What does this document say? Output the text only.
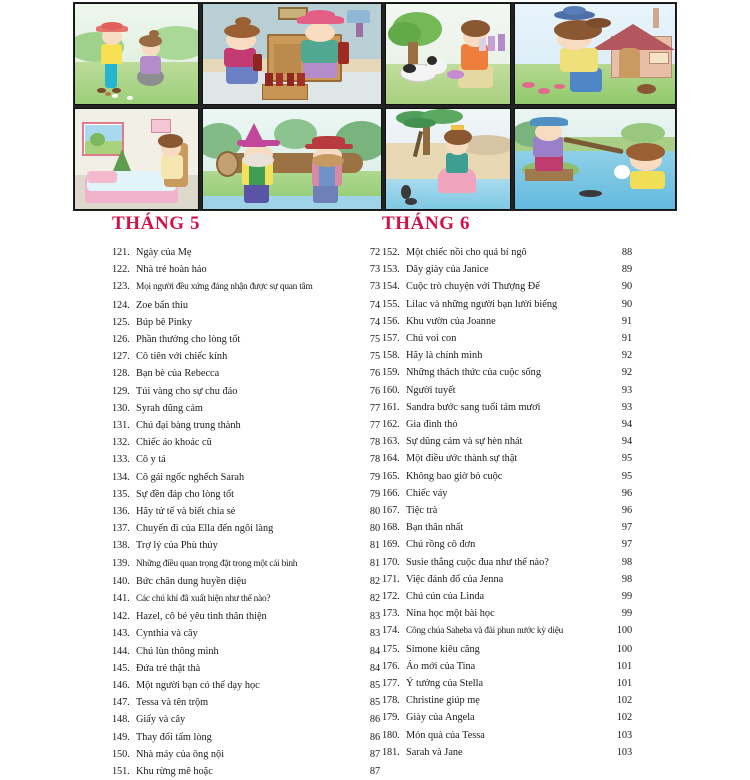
THÁNG 5
121. Ngày của Mẹ	72
122. Nhà trẻ hoàn hảo	73
123. Mọi người đều xứng đáng nhận được sự quan tâm	73
124. Zoe bẩn thỉu	74
125. Búp bê Pinky	74
126. Phần thưởng cho lòng tốt	75
127. Cô tiên với chiếc kính	75
128. Bạn bè của Rebecca	76
129. Túi vàng cho sự chu đáo	76
130. Syrah dũng cảm	77
131. Chú đại bàng trung thành	77
132. Chiếc áo khoác cũ	78
133. Cô y tá	78
134. Cô gái ngốc nghếch Sarah	79
135. Sự đền đáp cho lòng tốt	79
136. Hãy tử tế và biết chia sẻ	80
137. Chuyến đi của Ella đến ngôi làng	80
138. Trợ lý của Phù thủy	81
139. Những điều quan trọng đặt trong một cái bình	81
140. Bức chân dung huyền diệu	82
141. Các chú khỉ đã xuất hiện như thế nào?	82
142. Hazel, cô bé yêu tinh thân thiện	83
143. Cynthia và cây	83
144. Chú lùn thông minh	84
145. Đứa trẻ thật thà	84
146. Một người bạn có thể dạy học	85
147. Tessa và tên trộm	85
148. Giấy và cây	86
149. Thay đổi tấm lòng	86
150. Nhà máy của ông nội	87
151. Khu rừng mê hoặc	87
THÁNG 6
152. Một chiếc nồi cho quả bí ngô	88
153. Dây giày của Janice	89
154. Cuộc trò chuyện với Thượng Đế	90
155. Lilac và những người bạn lười biếng	90
156. Khu vườn của Joanne	91
157. Chú voi con	91
158. Hãy là chính mình	92
159. Những thách thức của cuộc sống	92
160. Người tuyết	93
161. Sandra bước sang tuổi tám mươi	93
162. Gia đình thỏ	94
163. Sự dũng cảm và sự hèn nhát	94
164. Một điều ước thành sự thật	95
165. Không bao giờ bỏ cuộc	95
166. Chiếc váy	96
167. Tiệc trà	96
168. Bạn thân nhất	97
169. Chú rồng cô đơn	97
170. Susie thắng cuộc đua như thế nào?	98
171. Việc đánh đố của Jenna	98
172. Chú cún của Linda	99
173. Nina học một bài học	99
174. Công chúa Saheba và đài phun nước kỳ diệu	100
175. Simone kiêu căng	100
176. Áo mới của Tina	101
177. Ý tưởng của Stella	101
178. Christine giúp mẹ	102
179. Giày của Angela	102
180. Món quà của Tessa	103
181. Sarah và Jane	103
